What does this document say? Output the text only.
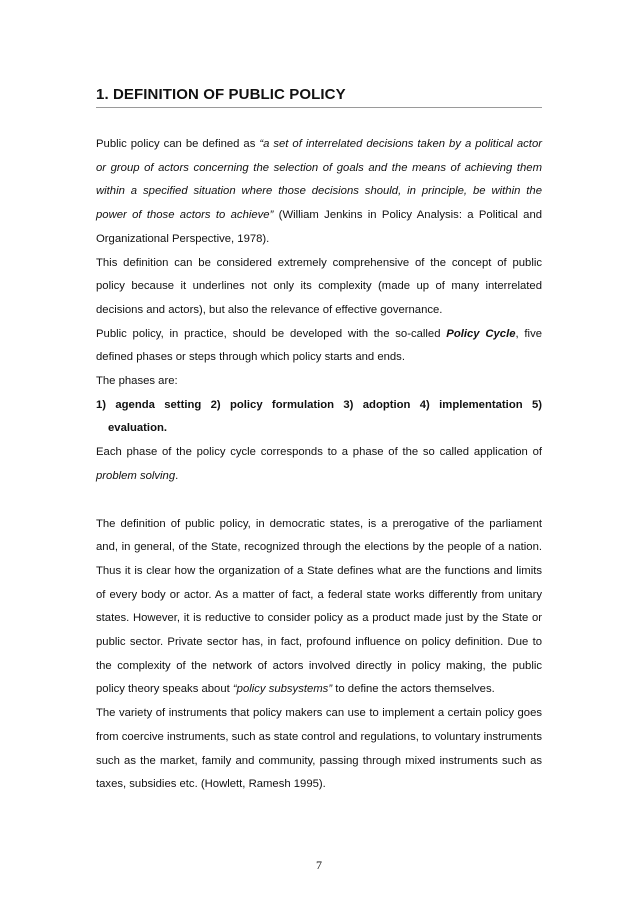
1. DEFINITION OF PUBLIC POLICY

Public policy can be defined as “a set of interrelated decisions taken by a political actor or group of actors concerning the selection of goals and the means of achieving them within a specified situation where those decisions should, in principle, be within the power of those actors to achieve” (William Jenkins in Policy Analysis: a Political and Organizational Perspective, 1978).

This definition can be considered extremely comprehensive of the concept of public policy because it underlines not only its complexity (made up of many interrelated decisions and actors), but also the relevance of effective governance.

Public policy, in practice, should be developed with the so-called Policy Cycle, five defined phases or steps through which policy starts and ends.

The phases are:

1) agenda setting 2) policy formulation 3) adoption 4) implementation 5) evaluation.

Each phase of the policy cycle corresponds to a phase of the so called application of problem solving.

The definition of public policy, in democratic states, is a prerogative of the parliament and, in general, of the State, recognized through the elections by the people of a nation. Thus it is clear how the organization of a State defines what are the functions and limits of every body or actor. As a matter of fact, a federal state works differently from unitary states. However, it is reductive to consider policy as a product made just by the State or public sector. Private sector has, in fact, profound influence on policy definition. Due to the complexity of the network of actors involved directly in policy making, the public policy theory speaks about “policy subsystems” to define the actors themselves.

The variety of instruments that policy makers can use to implement a certain policy goes from coercive instruments, such as state control and regulations, to voluntary instruments such as the market, family and community, passing through mixed instruments such as taxes, subsidies etc. (Howlett, Ramesh 1995).

7
